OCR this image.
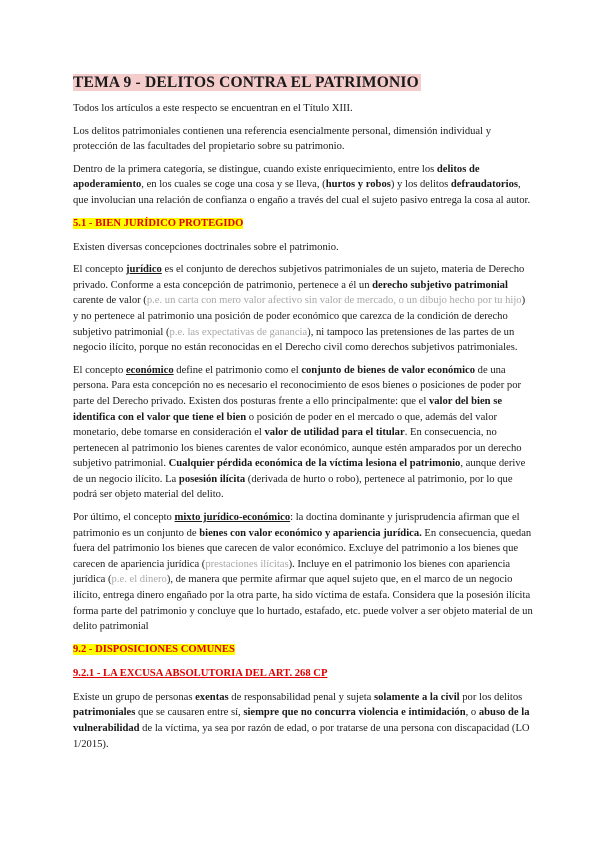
TEMA 9 - DELITOS CONTRA EL PATRIMONIO

Todos los artículos a este respecto se encuentran en el Título XIII.

Los delitos patrimoniales contienen una referencia esencialmente personal, dimensión individual y protección de las facultades del propietario sobre su patrimonio.

Dentro de la primera categoría, se distingue, cuando existe enriquecimiento, entre los delitos de apoderamiento, en los cuales se coge una cosa y se lleva, (hurtos y robos) y los delitos defraudatorios, que involucian una relación de confianza o engaño a través del cual el sujeto pasivo entrega la cosa al autor.

5.1 - BIEN JURÍDICO PROTEGIDO

Existen diversas concepciones doctrinales sobre el patrimonio.

El concepto jurídico es el conjunto de derechos subjetivos patrimoniales de un sujeto, materia de Derecho privado. Conforme a esta concepción de patrimonio, pertenece a él un derecho subjetivo patrimonial carente de valor (p.e. un carta con mero valor afectivo sin valor de mercado, o un dibujo hecho por tu hijo) y no pertenece al patrimonio una posición de poder económico que carezca de la condición de derecho subjetivo patrimonial (p.e. las expectativas de ganancia), ni tampoco las pretensiones de las partes de un negocio ilícito, porque no están reconocidas en el Derecho civil como derechos subjetivos patrimoniales.

El concepto económico define el patrimonio como el conjunto de bienes de valor económico de una persona. Para esta concepción no es necesario el reconocimiento de esos bienes o posiciones de poder por parte del Derecho privado. Existen dos posturas frente a ello principalmente: que el valor del bien se identifica con el valor que tiene el bien o posición de poder en el mercado o que, además del valor monetario, debe tomarse en consideración el valor de utilidad para el titular. En consecuencia, no pertenecen al patrimonio los bienes carentes de valor económico, aunque estén amparados por un derecho subjetivo patrimonial. Cualquier pérdida económica de la víctima lesiona el patrimonio, aunque derive de un negocio ilícito. La posesión ilícita (derivada de hurto o robo), pertenece al patrimonio, por lo que podrá ser objeto material del delito.

Por último, el concepto mixto jurídico-económico: la doctina dominante y jurisprudencia afirman que el patrimonio es un conjunto de bienes con valor económico y apariencia jurídica. En consecuencia, quedan fuera del patrimonio los bienes que carecen de valor económico. Excluye del patrimonio a los bienes que carecen de apariencia jurídica (prestaciones ilícitas). Incluye en el patrimonio los bienes con apariencia jurídica (p.e. el dinero), de manera que permite afirmar que aquel sujeto que, en el marco de un negocio ilícito, entrega dinero engañado por la otra parte, ha sido víctima de estafa. Considera que la posesión ilícita forma parte del patrimonio y concluye que lo hurtado, estafado, etc. puede volver a ser objeto material de un delito patrimonial

9.2 - DISPOSICIONES COMUNES
9.2.1 - LA EXCUSA ABSOLUTORIA DEL ART. 268 CP

Existe un grupo de personas exentas de responsabilidad penal y sujeta solamente a la civil por los delitos patrimoniales que se causaren entre sí, siempre que no concurra violencia e intimidación, o abuso de la vulnerabilidad de la víctima, ya sea por razón de edad, o por tratarse de una persona con discapacidad (LO 1/2015).
